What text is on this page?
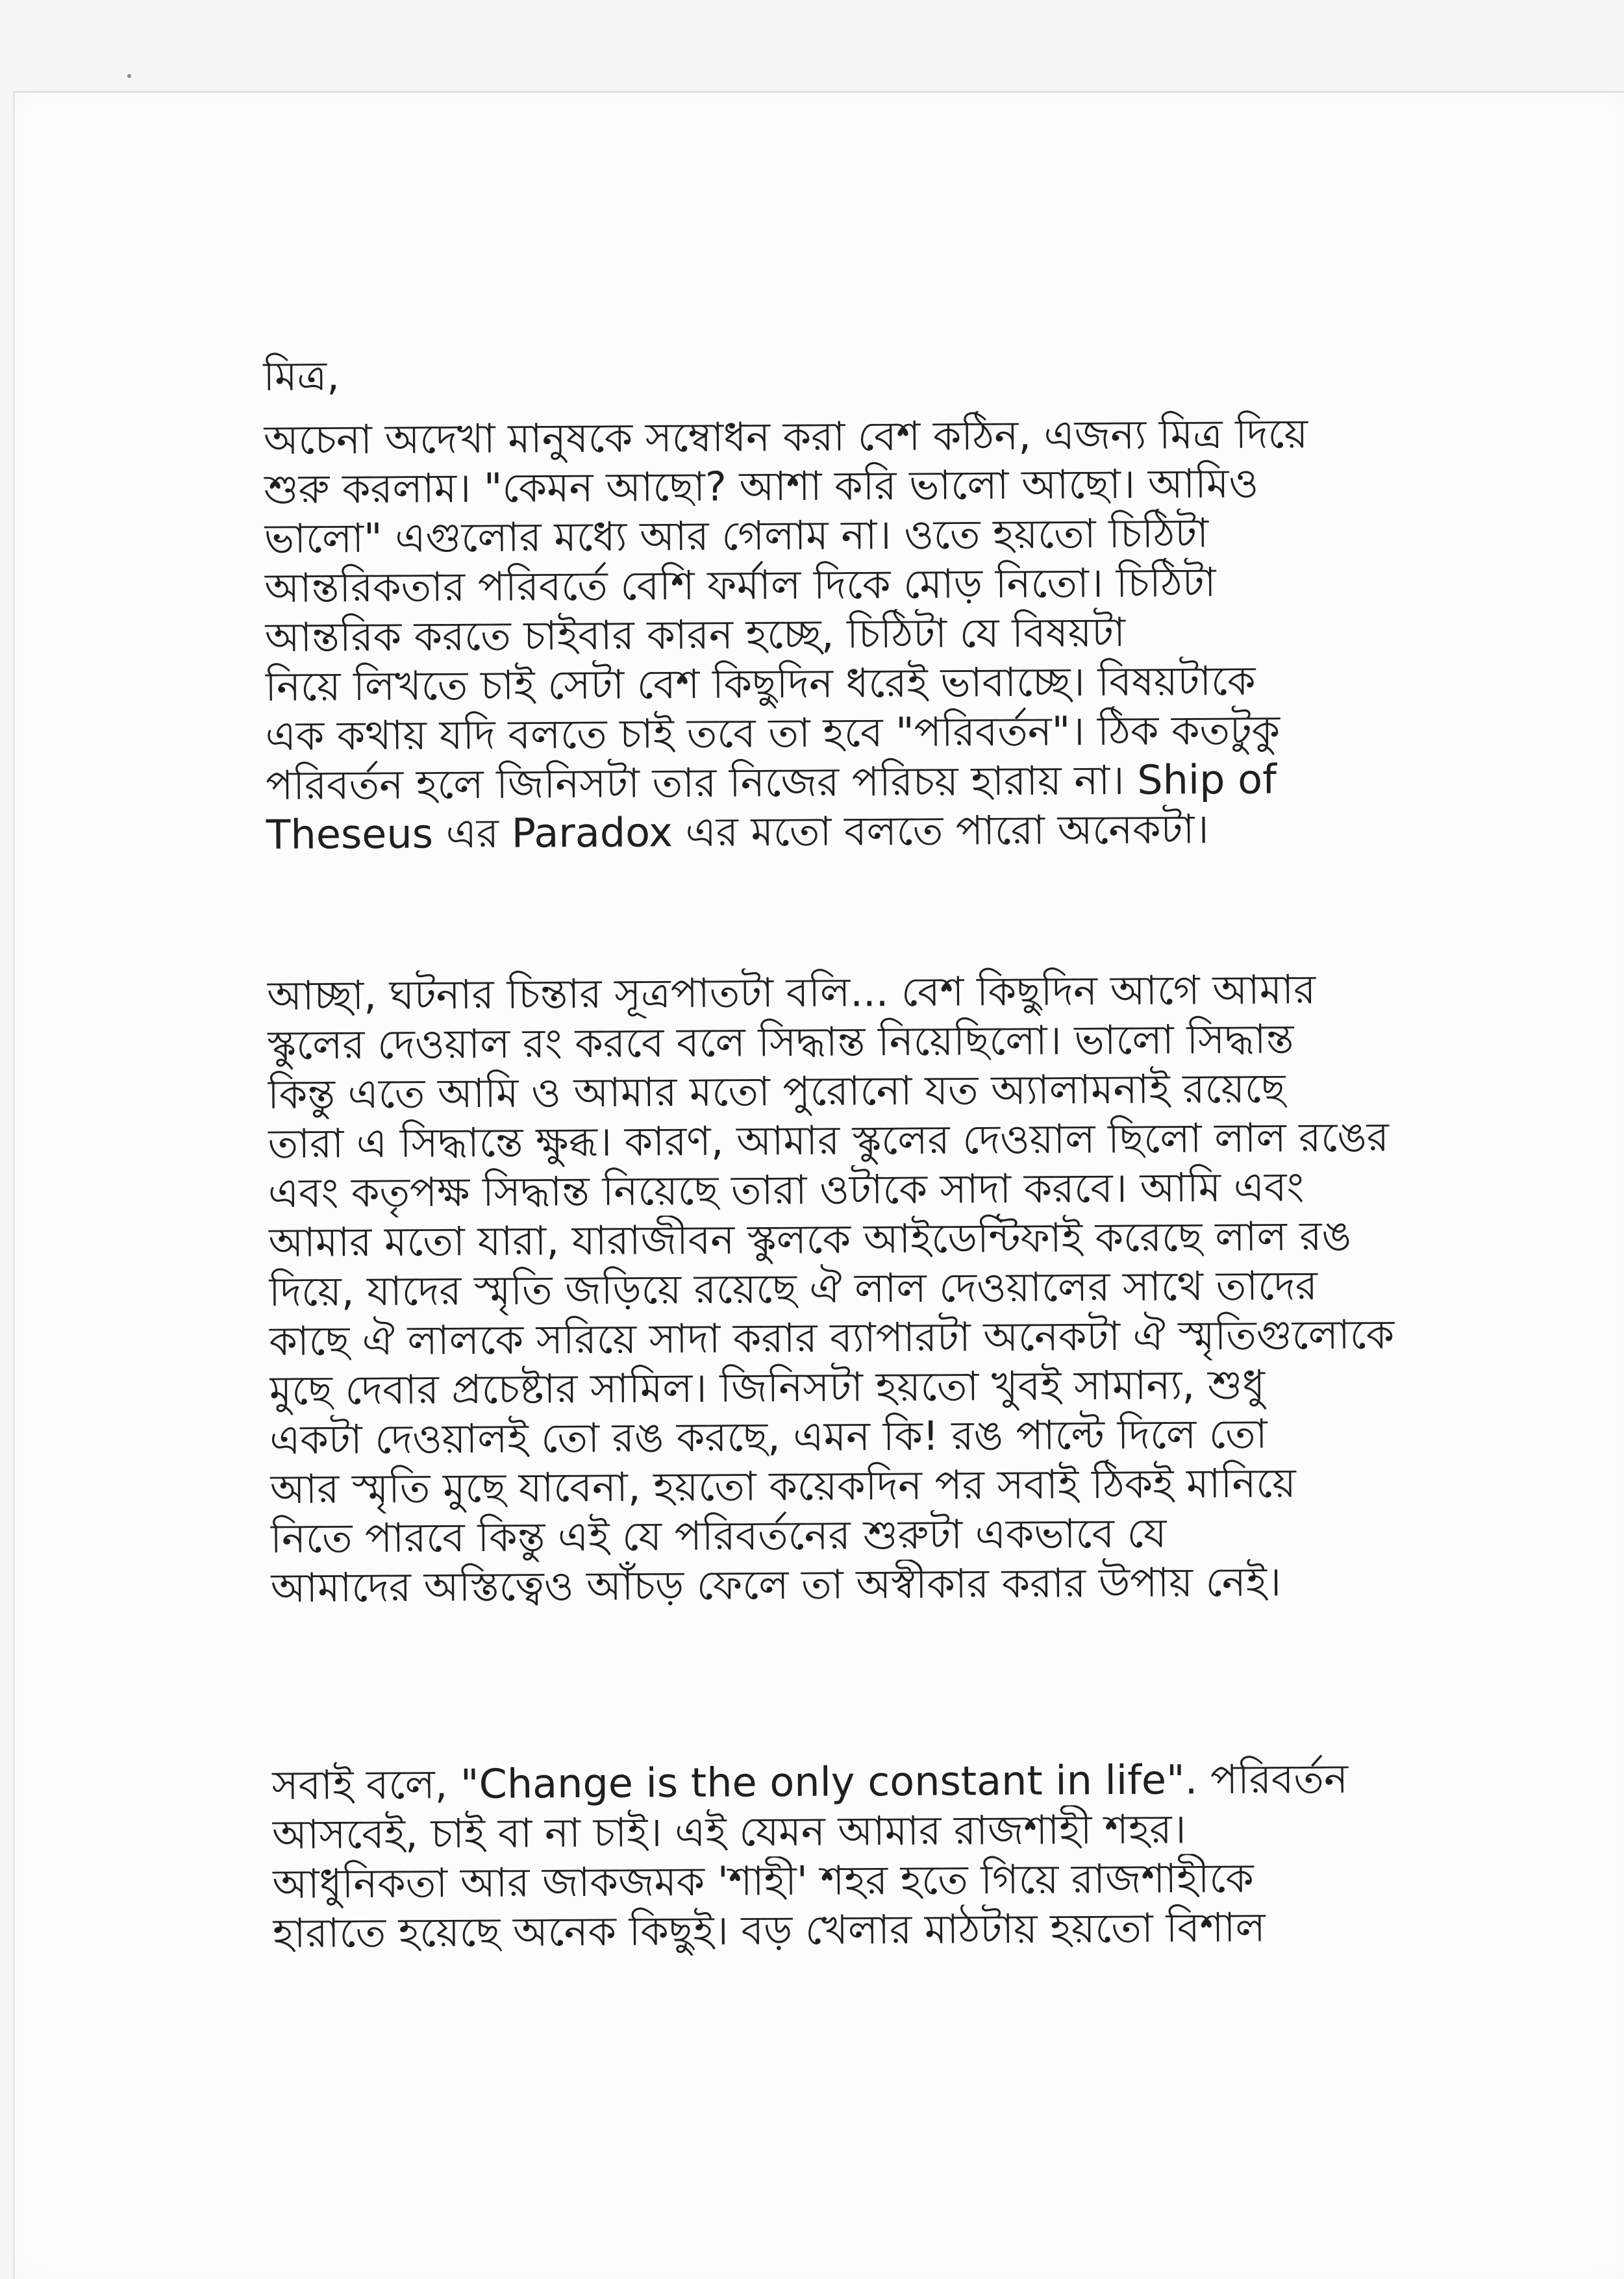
মিত্র,

অচেনা অদেখা মানুষকে সম্বোধন করা বেশ কঠিন, এজন্য মিত্র দিয়ে
শুরু করলাম। "কেমন আছো? আশা করি ভালো আছো। আমিও
ভালো" এগুলোর মধ্যে আর গেলাম না। ওতে হয়তো চিঠিটা
আন্তরিকতার পরিবর্তে বেশি ফর্মাল দিকে মোড় নিতো। চিঠিটা
আন্তরিক করতে চাইবার কারন হচ্ছে, চিঠিটা যে বিষয়টা
নিয়ে লিখতে চাই সেটা বেশ কিছুদিন ধরেই ভাবাচ্ছে। বিষয়টাকে
এক কথায় যদি বলতে চাই তবে তা হবে "পরিবর্তন"। ঠিক কতটুকু
পরিবর্তন হলে জিনিসটা তার নিজের পরিচয় হারায় না। Ship of
Theseus এর Paradox এর মতো বলতে পারো অনেকটা।
আচ্ছা, ঘটনার চিন্তার সূত্রপাতটা বলি... বেশ কিছুদিন আগে আমার
স্কুলের দেওয়াল রং করবে বলে সিদ্ধান্ত নিয়েছিলো। ভালো সিদ্ধান্ত
কিন্তু এতে আমি ও আমার মতো পুরোনো যত অ্যালামনাই রয়েছে
তারা এ সিদ্ধান্তে ক্ষুব্ধ। কারণ, আমার স্কুলের দেওয়াল ছিলো লাল রঙের
এবং কতৃপক্ষ সিদ্ধান্ত নিয়েছে তারা ওটাকে সাদা করবে। আমি এবং
আমার মতো যারা, যারাজীবন স্কুলকে আইডেন্টিফাই করেছে লাল রঙ
দিয়ে, যাদের স্মৃতি জড়িয়ে রয়েছে ঐ লাল দেওয়ালের সাথে তাদের
কাছে ঐ লালকে সরিয়ে সাদা করার ব্যাপারটা অনেকটা ঐ স্মৃতিগুলোকে
মুছে দেবার প্রচেষ্টার সামিল। জিনিসটা হয়তো খুবই সামান্য, শুধু
একটা দেওয়ালই তো রঙ করছে, এমন কি! রঙ পাল্টে দিলে তো
আর স্মৃতি মুছে যাবেনা, হয়তো কয়েকদিন পর সবাই ঠিকই মানিয়ে
নিতে পারবে কিন্তু এই যে পরিবর্তনের শুরুটা একভাবে যে
আমাদের অস্তিত্বেও আঁচড় ফেলে তা অস্বীকার করার উপায় নেই।
সবাই বলে, "Change is the only constant in life". পরিবর্তন
আসবেই, চাই বা না চাই। এই যেমন আমার রাজশাহী শহর।
আধুনিকতা আর জাকজমক 'শাহী' শহর হতে গিয়ে রাজশাহীকে
হারাতে হয়েছে অনেক কিছুই। বড় খেলার মাঠটায় হয়তো বিশাল
